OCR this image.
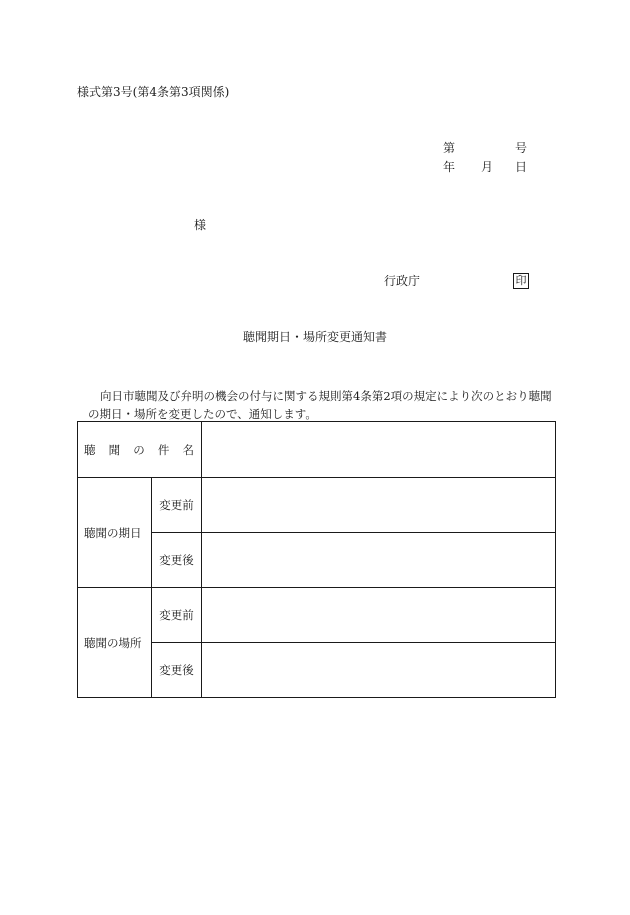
様式第3号(第4条第3項関係)
第	号
年 月 日
様
行政庁	印
聴聞期日・場所変更通知書
向日市聴聞及び弁明の機会の付与に関する規則第4条第2項の規定により次のとおり聴聞の期日・場所を変更したので、通知します。
聴 聞 の 件 名		

聴聞の期日	変更前	
	変更後	
聴聞の場所	変更前	
	変更後	
